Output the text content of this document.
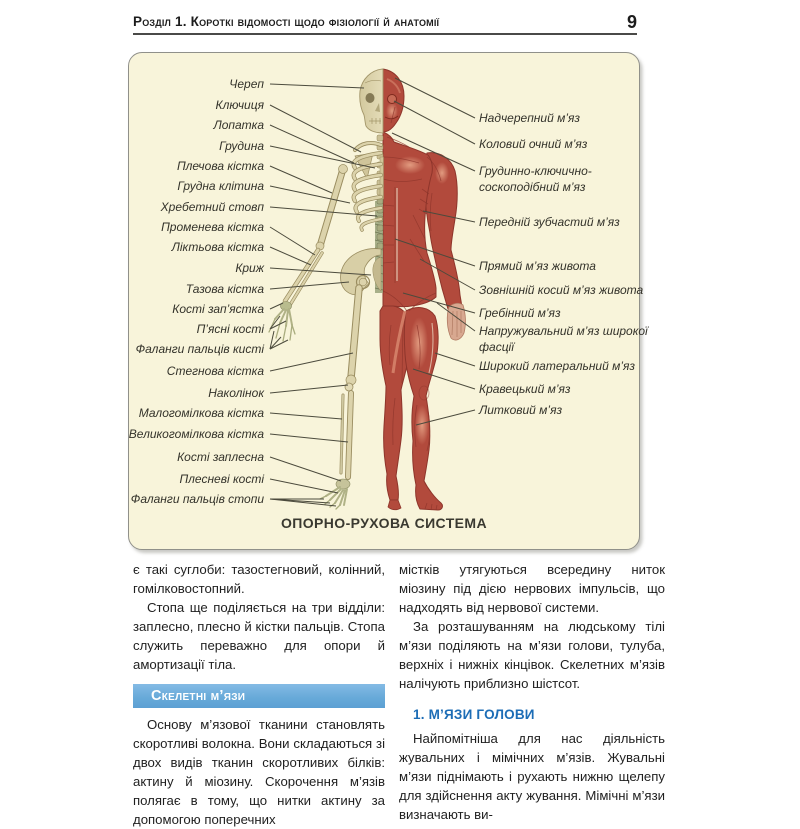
Розділ 1. Короткі відомості щодо фізіології й анатомії	9
Череп
Ключиця
Лопатка
Грудина
Плечова кістка
Грудна клітина
Хребетний стовп
Променева кістка
Ліктьова кістка
Криж
Тазова кістка
Кості зап’ястка
П’ясні кості
Фаланги пальців кисті
Стегнова кістка
Наколінок
Малогомілкова кістка
Великогомілкова кістка
Кості заплесна
Плесневі кості
Фаланги пальців стопи
Надчерепний м’яз
Коловий очний м’яз
Грудинно-ключично-соскоподібний м’яз
Передній зубчастий м’яз
Прямий м’яз живота
Зовнішній косий м’яз живота
Гребінний м’яз
Напружувальний м’яз широкої фасції
Широкий латеральний м’яз
Кравецький м’яз
Литковий м’яз
ОПОРНО-РУХОВА СИСТЕМА

є такі суглоби: тазостегновий, колінний, гомілковостопний.

Стопа ще поділяється на три відділи: заплесно, плесно й кістки пальців. Стопа служить переважно для опори й амортизації тіла.

Скелетні м’язи

Основу м’язової тканини становлять скоротливі волокна. Вони складаються зі двох видів тканин скоротливих білків: актину й міозину. Скорочення м’язів полягає в тому, що нитки актину за допомогою поперечних

містків утягуються всередину ниток міозину під дією нервових імпульсів, що надходять від нервової системи.

За розташуванням на людському тілі м’язи поділяють на м’язи голови, тулуба, верхніх і нижніх кінцівок. Скелетних м’язів налічують приблизно шістсот.

1. М’ЯЗИ ГОЛОВИ

Найпомітніша для нас діяльність жувальних і мімічних м’язів. Жувальні м’язи піднімають і рухають нижню щелепу для здійснення акту жування. Мімічні м’язи визначають ви-
